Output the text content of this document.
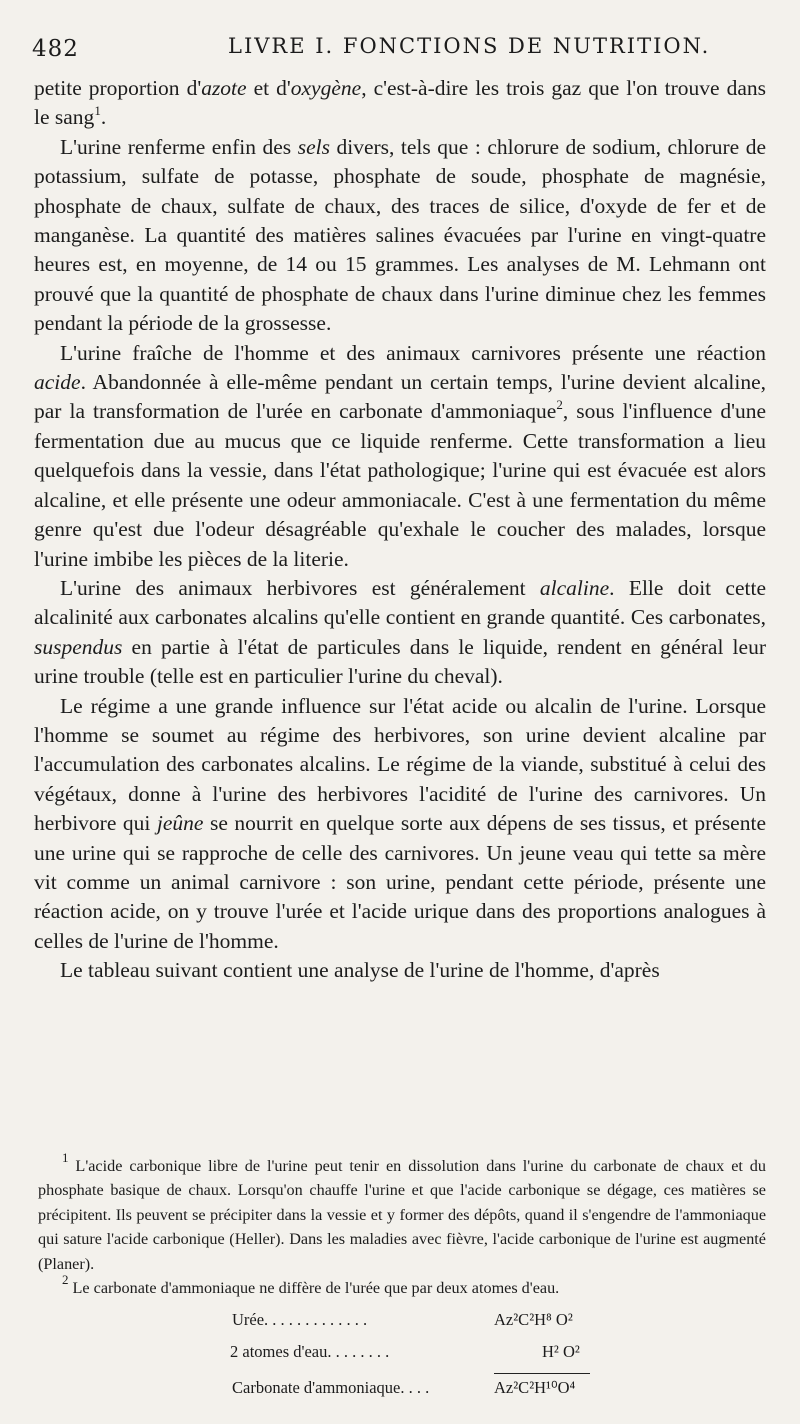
482	LIVRE I. FONCTIONS DE NUTRITION.

petite proportion d'azote et d'oxygène, c'est-à-dire les trois gaz que l'on trouve dans le sang$^1$.

L'urine renferme enfin des sels divers, tels que : chlorure de sodium, chlorure de potassium, sulfate de potasse, phosphate de soude, phosphate de magnésie, phosphate de chaux, sulfate de chaux, des traces de silice, d'oxyde de fer et de manganèse. La quantité des matières salines évacuées par l'urine en vingt-quatre heures est, en moyenne, de 14 ou 15 grammes. Les analyses de M. Lehmann ont prouvé que la quantité de phosphate de chaux dans l'urine diminue chez les femmes pendant la période de la grossesse.

L'urine fraîche de l'homme et des animaux carnivores présente une réaction acide. Abandonnée à elle-même pendant un certain temps, l'urine devient alcaline, par la transformation de l'urée en carbonate d'ammoniaque$^2$, sous l'influence d'une fermentation due au mucus que ce liquide renferme. Cette transformation a lieu quelquefois dans la vessie, dans l'état pathologique; l'urine qui est évacuée est alors alcaline, et elle présente une odeur ammoniacale. C'est à une fermentation du même genre qu'est due l'odeur désagréable qu'exhale le coucher des malades, lorsque l'urine imbibe les pièces de la literie.

L'urine des animaux herbivores est généralement alcaline. Elle doit cette alcalinité aux carbonates alcalins qu'elle contient en grande quantité. Ces carbonates, suspendus en partie à l'état de particules dans le liquide, rendent en général leur urine trouble (telle est en particulier l'urine du cheval).

Le régime a une grande influence sur l'état acide ou alcalin de l'urine. Lorsque l'homme se soumet au régime des herbivores, son urine devient alcaline par l'accumulation des carbonates alcalins. Le régime de la viande, substitué à celui des végétaux, donne à l'urine des herbivores l'acidité de l'urine des carnivores. Un herbivore qui jeûne se nourrit en quelque sorte aux dépens de ses tissus, et présente une urine qui se rapproche de celle des carnivores. Un jeune veau qui tette sa mère vit comme un animal carnivore : son urine, pendant cette période, présente une réaction acide, on y trouve l'urée et l'acide urique dans des proportions analogues à celles de l'urine de l'homme.

Le tableau suivant contient une analyse de l'urine de l'homme, d'après

$^1$ L'acide carbonique libre de l'urine peut tenir en dissolution dans l'urine du carbonate de chaux et du phosphate basique de chaux. Lorsqu'on chauffe l'urine et que l'acide carbonique se dégage, ces matières se précipitent. Ils peuvent se précipiter dans la vessie et y former des dépôts, quand il s'engendre de l'ammoniaque qui sature l'acide carbonique (Heller). Dans les maladies avec fièvre, l'acide carbonique de l'urine est augmenté (Planer).

$^2$ Le carbonate d'ammoniaque ne diffère de l'urée que par deux atomes d'eau.

Urée. . . . . . . . . . . . .	Az²C²H⁸ O²
2 atomes d'eau. . . . . . . .	H² O²
Carbonate d'ammoniaque. . . .	Az²C²H¹⁰O⁴
